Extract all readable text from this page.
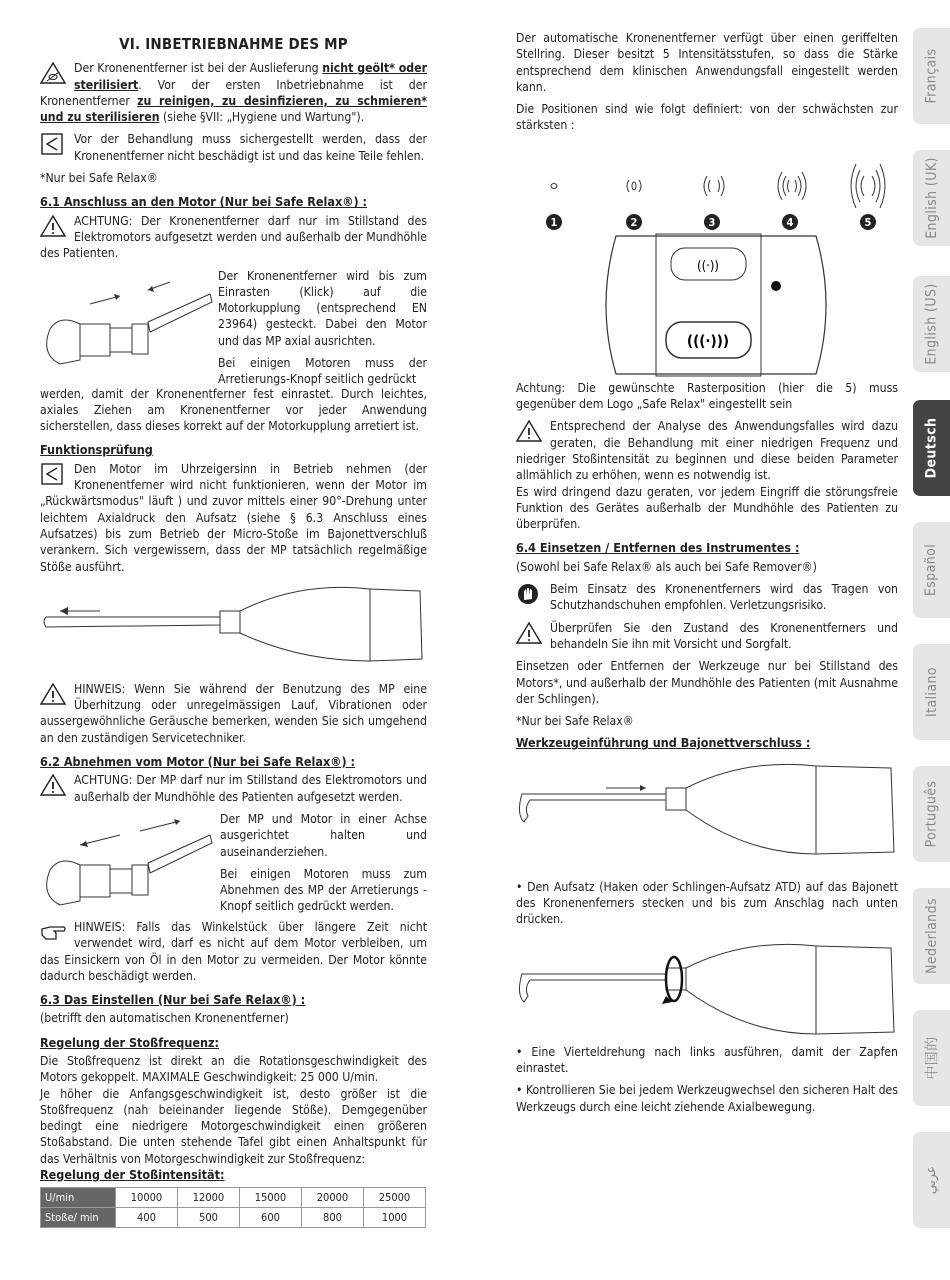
VI. INBETRIEBNAHME DES MP

Der Kronenentferner ist bei der Auslieferung nicht geölt* oder sterilisiert. Vor der ersten Inbetriebnahme ist der Kronenentferner zu reinigen, zu desinfizieren, zu schmieren* und zu sterilisieren (siehe §VII: „Hygiene und Wartung").

Vor der Behandlung muss sichergestellt werden, dass der Kronenentferner nicht beschädigt ist und das keine Teile fehlen.

*Nur bei Safe Relax®

6.1 Anschluss an den Motor (Nur bei Safe Relax®) :

ACHTUNG: Der Kronenentferner darf nur im Stillstand des Elektromotors aufgesetzt werden und außerhalb der Mundhöhle des Patienten.

Der Kronenentferner wird bis zum Einrasten (Klick) auf die Motorkupplung (entsprechend EN 23964) gesteckt. Dabei den Motor und das MP axial ausrichten.

Bei einigen Motoren muss der Arretierungs-Knopf seitlich gedrückt

werden, damit der Kronenentferner fest einrastet. Durch leichtes, axiales Ziehen am Kronenentferner vor jeder Anwendung sicherstellen, dass dieses korrekt auf der Motorkupplung arretiert ist.

Funktionsprüfung

Den Motor im Uhrzeigersinn in Betrieb nehmen (der Kronenentferner wird nicht funktionieren, wenn der Motor im „Rückwärtsmodus" läuft ) und zuvor mittels einer 90°-Drehung unter leichtem Axialdruck den Aufsatz (siehe § 6.3 Anschluss eines Aufsatzes) bis zum Betrieb der Micro-Stoße im Bajonettverschluß verankern. Sich vergewissern, dass der MP tatsächlich regelmäßige Stöße ausführt.

HINWEIS: Wenn Sie während der Benutzung des MP eine Überhitzung oder unregelmässigen Lauf, Vibrationen oder aussergewöhnliche Geräusche bemerken, wenden Sie sich umgehend an den zuständigen Servicetechniker.

6.2 Abnehmen vom Motor (Nur bei Safe Relax®) :

ACHTUNG: Der MP darf nur im Stillstand des Elektromotors und außerhalb der Mundhöhle des Patienten aufgesetzt werden.

Der MP und Motor in einer Achse ausgerichtet halten und auseinanderziehen.

Bei einigen Motoren muss zum Abnehmen des MP der Arretierungs -Knopf seitlich gedrückt werden.

HINWEIS: Falls das Winkelstück über längere Zeit nicht verwendet wird, darf es nicht auf dem Motor verbleiben, um das Einsickern von Öl in den Motor zu vermeiden. Der Motor könnte dadurch beschädigt werden.

6.3 Das Einstellen (Nur bei Safe Relax®) :

(betrifft den automatischen Kronenentferner)

Regelung der Stoßfrequenz:

Die Stoßfrequenz ist direkt an die Rotationsgeschwindigkeit des Motors gekoppelt. MAXIMALE Geschwindigkeit: 25 000 U/min.

Je höher die Anfangsgeschwindigkeit ist, desto größer ist die Stoßfrequenz (nah beieinander liegende Stöße). Demgegenüber bedingt eine niedrigere Motorgeschwindigkeit einen größeren Stoßabstand. Die unten stehende Tafel gibt einen Anhaltspunkt für das Verhältnis von Motorgeschwindigkeit zur Stoßfrequenz:

Regelung der Stoßintensität:
U/min	10000	12000	15000	20000	25000
Stoße/ min	400	500	600	800	1000

Der automatische Kronenentferner verfügt über einen geriffelten Stellring. Dieser besitzt 5 Intensitätsstufen, so dass die Stärke entsprechend dem klinischen Anwendungsfall eingestellt werden kann.

Die Positionen sind wie folgt definiert: von der schwächsten zur stärksten :

1	2	3	4	5
((·))
(((·)))

Achtung: Die gewünschte Rasterposition (hier die 5) muss gegenüber dem Logo „Safe Relax" eingestellt sein

Entsprechend der Analyse des Anwendungsfalles wird dazu geraten, die Behandlung mit einer niedrigen Frequenz und niedriger Stoßintensität zu beginnen und diese beiden Parameter allmählich zu erhöhen, wenn es notwendig ist.

Es wird dringend dazu geraten, vor jedem Eingriff die störungsfreie Funktion des Gerätes außerhalb der Mundhöhle des Patienten zu überprüfen.

6.4 Einsetzen / Entfernen des Instrumentes :

(Sowohl bei Safe Relax® als auch bei Safe Remover®)

Beim Einsatz des Kronenentferners wird das Tragen von Schutzhandschuhen empfohlen. Verletzungsrisiko.

Überprüfen Sie den Zustand des Kronenentferners und behandeln Sie ihn mit Vorsicht und Sorgfalt.

Einsetzen oder Entfernen der Werkzeuge nur bei Stillstand des Motors*, und außerhalb der Mundhöhle des Patienten (mit Ausnahme der Schlingen).

*Nur bei Safe Relax®

Werkzeugeinführung und Bajonettverschluss :

• Den Aufsatz (Haken oder Schlingen-Aufsatz ATD) auf das Bajonett des Kronenenferners stecken und bis zum Anschlag nach unten drücken.

• Eine Vierteldrehung nach links ausführen, damit der Zapfen einrastet.

• Kontrollieren Sie bei jedem Werkzeugwechsel den sicheren Halt des Werkzeugs durch eine leicht ziehende Axialbewegung.

Français
English (UK)
English (US)
Deutsch
Español
Italiano
Português
Nederlands
中国的
عربي
